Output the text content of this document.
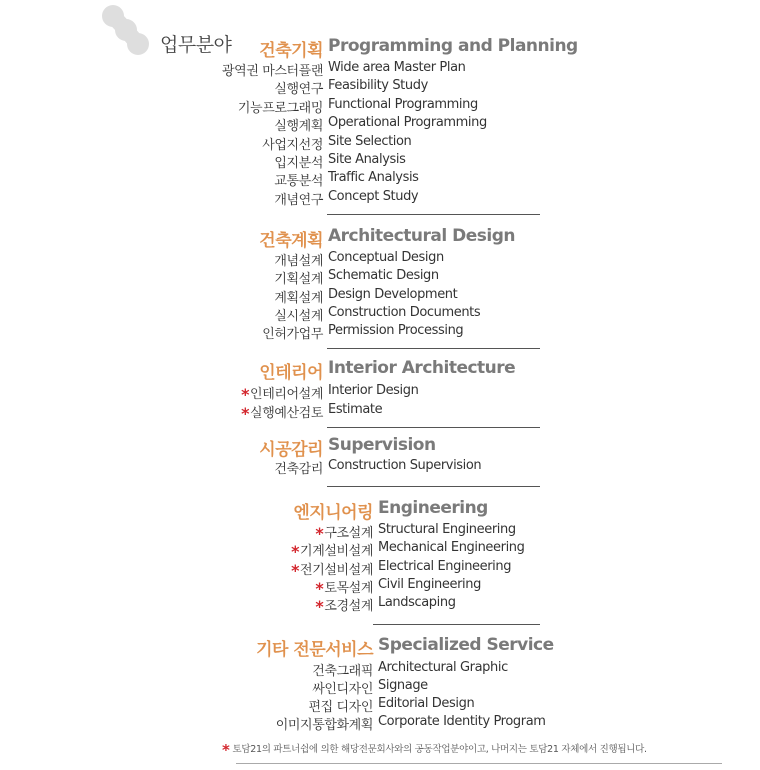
업무분야 건축기획 Programming and Planning
광역권 마스터플랜 Wide area Master Plan
실행연구 Feasibility Study
기능프로그래밍 Functional Programming
실행계획 Operational Programming
사업지선정 Site Selection
입지분석 Site Analysis
교통분석 Traffic Analysis
개념연구 Concept Study
건축계획 Architectural Design
개념설계 Conceptual Design
기획설계 Schematic Design
계획설계 Design Development
실시설계 Construction Documents
인허가업무 Permission Processing
인테리어 Interior Architecture
*인테리어설계 Interior Design
*실행예산검토 Estimate
시공감리 Supervision
건축감리 Construction Supervision
엔지니어링 Engineering
*구조설계 Structural Engineering
*기계설비설계 Mechanical Engineering
*전기설비설계 Electrical Engineering
*토목설계 Civil Engineering
*조경설계 Landscaping
기타 전문서비스 Specialized Service
건축그래픽 Architectural Graphic
싸인디자인 Signage
편집 디자인 Editorial Design
이미지통합화계획 Corporate Identity Program
* 토담21의 파트너쉽에 의한 해당전문회사와의 공동작업분야이고, 나머지는 토담21 자체에서 진행됩니다.
